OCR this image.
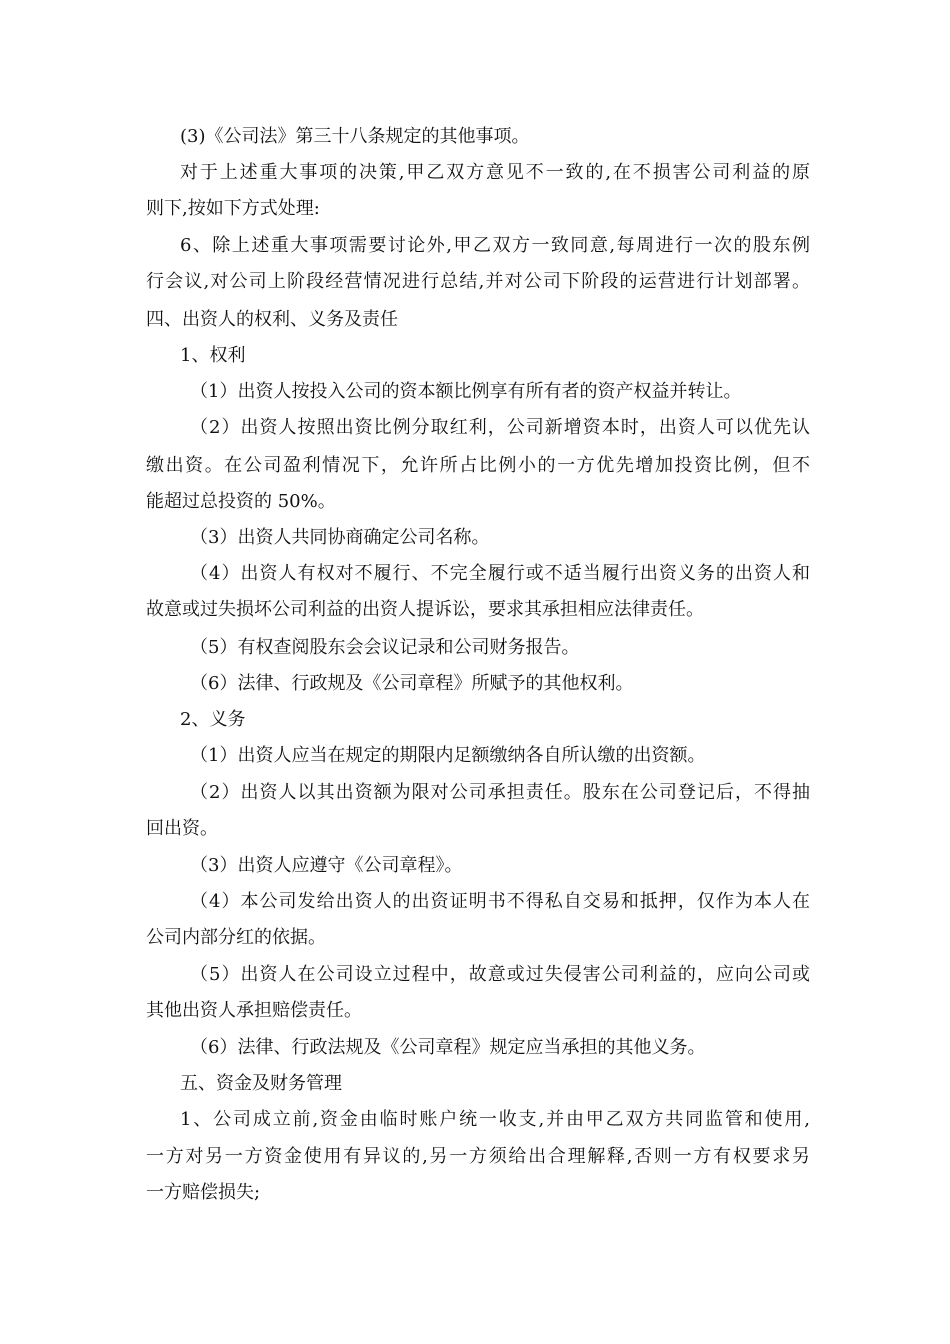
(3)《公司法》第三十八条规定的其他事项。
对于上述重大事项的决策,甲乙双方意见不一致的,在不损害公司利益的原
则下,按如下方式处理:
6、除上述重大事项需要讨论外,甲乙双方一致同意,每周进行一次的股东例
行会议,对公司上阶段经营情况进行总结,并对公司下阶段的运营进行计划部署。
四、出资人的权利、义务及责任
1、权利
（1）出资人按投入公司的资本额比例享有所有者的资产权益并转让。
（2）出资人按照出资比例分取红利，公司新增资本时，出资人可以优先认
缴出资。在公司盈利情况下，允许所占比例小的一方优先增加投资比例，但不
能超过总投资的 50%。
（3）出资人共同协商确定公司名称。
（4）出资人有权对不履行、不完全履行或不适当履行出资义务的出资人和
故意或过失损坏公司利益的出资人提诉讼，要求其承担相应法律责任。
（5）有权查阅股东会会议记录和公司财务报告。
（6）法律、行政规及《公司章程》所赋予的其他权利。
2、义务
（1）出资人应当在规定的期限内足额缴纳各自所认缴的出资额。
（2）出资人以其出资额为限对公司承担责任。股东在公司登记后，不得抽
回出资。
（3）出资人应遵守《公司章程》。
（4）本公司发给出资人的出资证明书不得私自交易和抵押，仅作为本人在
公司内部分红的依据。
（5）出资人在公司设立过程中，故意或过失侵害公司利益的，应向公司或
其他出资人承担赔偿责任。
（6）法律、行政法规及《公司章程》规定应当承担的其他义务。
五、资金及财务管理
1、公司成立前,资金由临时账户统一收支,并由甲乙双方共同监管和使用,
一方对另一方资金使用有异议的,另一方须给出合理解释,否则一方有权要求另
一方赔偿损失;
